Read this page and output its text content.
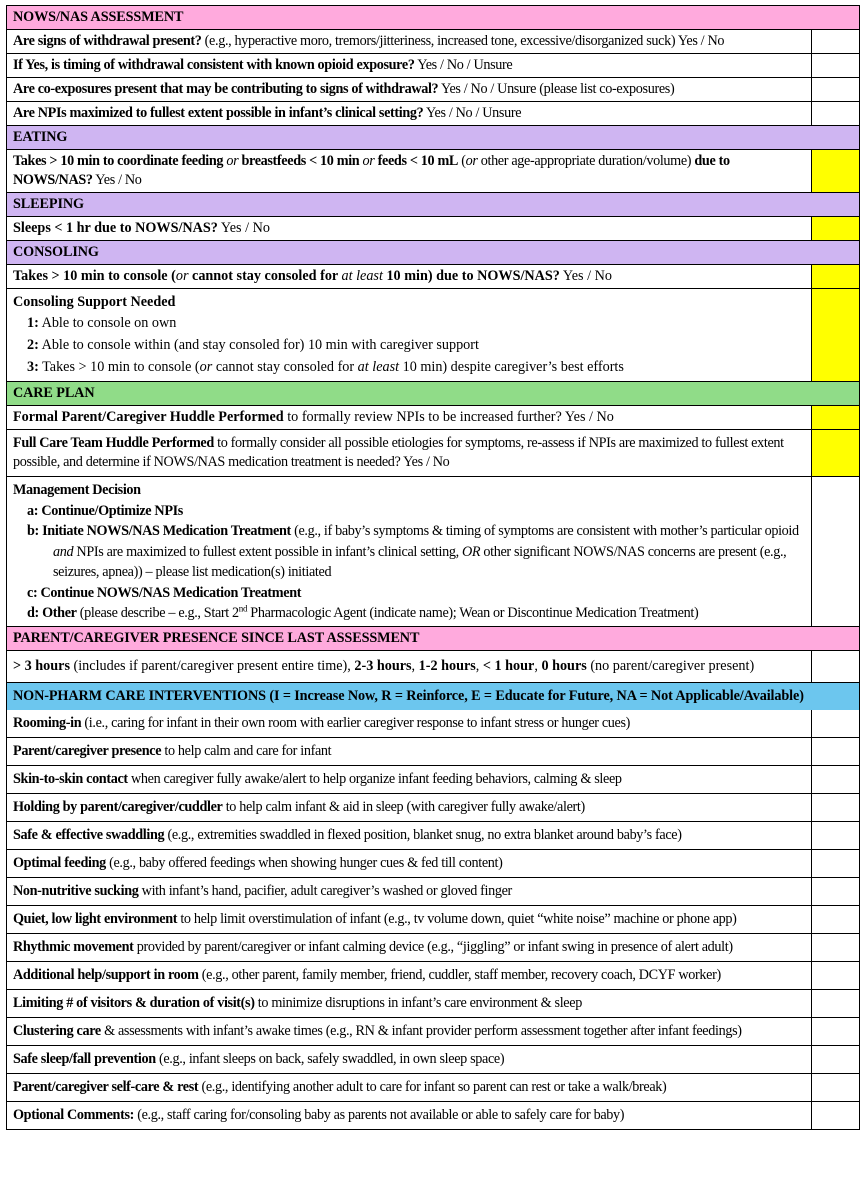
NOWS/NAS ASSESSMENT
Are signs of withdrawal present? (e.g., hyperactive moro, tremors/jitteriness, increased tone, excessive/disorganized suck) Yes / No
If Yes, is timing of withdrawal consistent with known opioid exposure? Yes / No / Unsure
Are co-exposures present that may be contributing to signs of withdrawal? Yes / No / Unsure (please list co-exposures)
Are NPIs maximized to fullest extent possible in infant’s clinical setting? Yes / No / Unsure
EATING
Takes > 10 min to coordinate feeding or breastfeeds < 10 min or feeds < 10 mL (or other age-appropriate duration/volume) due to NOWS/NAS? Yes / No
SLEEPING
Sleeps < 1 hr due to NOWS/NAS? Yes / No
CONSOLING
Takes > 10 min to console (or cannot stay consoled for at least 10 min) due to NOWS/NAS? Yes / No
Consoling Support Needed
1: Able to console on own
2: Able to console within (and stay consoled for) 10 min with caregiver support
3: Takes > 10 min to console (or cannot stay consoled for at least 10 min) despite caregiver’s best efforts
CARE PLAN
Formal Parent/Caregiver Huddle Performed to formally review NPIs to be increased further? Yes / No
Full Care Team Huddle Performed to formally consider all possible etiologies for symptoms, re-assess if NPIs are maximized to fullest extent possible, and determine if NOWS/NAS medication treatment is needed? Yes / No
Management Decision
a: Continue/Optimize NPIs
b: Initiate NOWS/NAS Medication Treatment (e.g., if baby’s symptoms & timing of symptoms are consistent with mother’s particular opioid and NPIs are maximized to fullest extent possible in infant’s clinical setting, OR other significant NOWS/NAS concerns are present (e.g., seizures, apnea)) – please list medication(s) initiated
c: Continue NOWS/NAS Medication Treatment
d: Other (please describe – e.g., Start 2nd Pharmacologic Agent (indicate name); Wean or Discontinue Medication Treatment)
PARENT/CAREGIVER PRESENCE SINCE LAST ASSESSMENT
> 3 hours (includes if parent/caregiver present entire time), 2-3 hours, 1-2 hours, < 1 hour, 0 hours (no parent/caregiver present)
NON-PHARM CARE INTERVENTIONS (I = Increase Now, R = Reinforce, E = Educate for Future, NA = Not Applicable/Available)
Rooming-in (i.e., caring for infant in their own room with earlier caregiver response to infant stress or hunger cues)
Parent/caregiver presence to help calm and care for infant
Skin-to-skin contact when caregiver fully awake/alert to help organize infant feeding behaviors, calming & sleep
Holding by parent/caregiver/cuddler to help calm infant & aid in sleep (with caregiver fully awake/alert)
Safe & effective swaddling (e.g., extremities swaddled in flexed position, blanket snug, no extra blanket around baby’s face)
Optimal feeding (e.g., baby offered feedings when showing hunger cues & fed till content)
Non-nutritive sucking with infant’s hand, pacifier, adult caregiver’s washed or gloved finger
Quiet, low light environment to help limit overstimulation of infant (e.g., tv volume down, quiet “white noise” machine or phone app)
Rhythmic movement provided by parent/caregiver or infant calming device (e.g., “jiggling” or infant swing in presence of alert adult)
Additional help/support in room (e.g., other parent, family member, friend, cuddler, staff member, recovery coach, DCYF worker)
Limiting # of visitors & duration of visit(s) to minimize disruptions in infant’s care environment & sleep
Clustering care & assessments with infant’s awake times (e.g., RN & infant provider perform assessment together after infant feedings)
Safe sleep/fall prevention (e.g., infant sleeps on back, safely swaddled, in own sleep space)
Parent/caregiver self-care & rest (e.g., identifying another adult to care for infant so parent can rest or take a walk/break)
Optional Comments: (e.g., staff caring for/consoling baby as parents not available or able to safely care for baby)
